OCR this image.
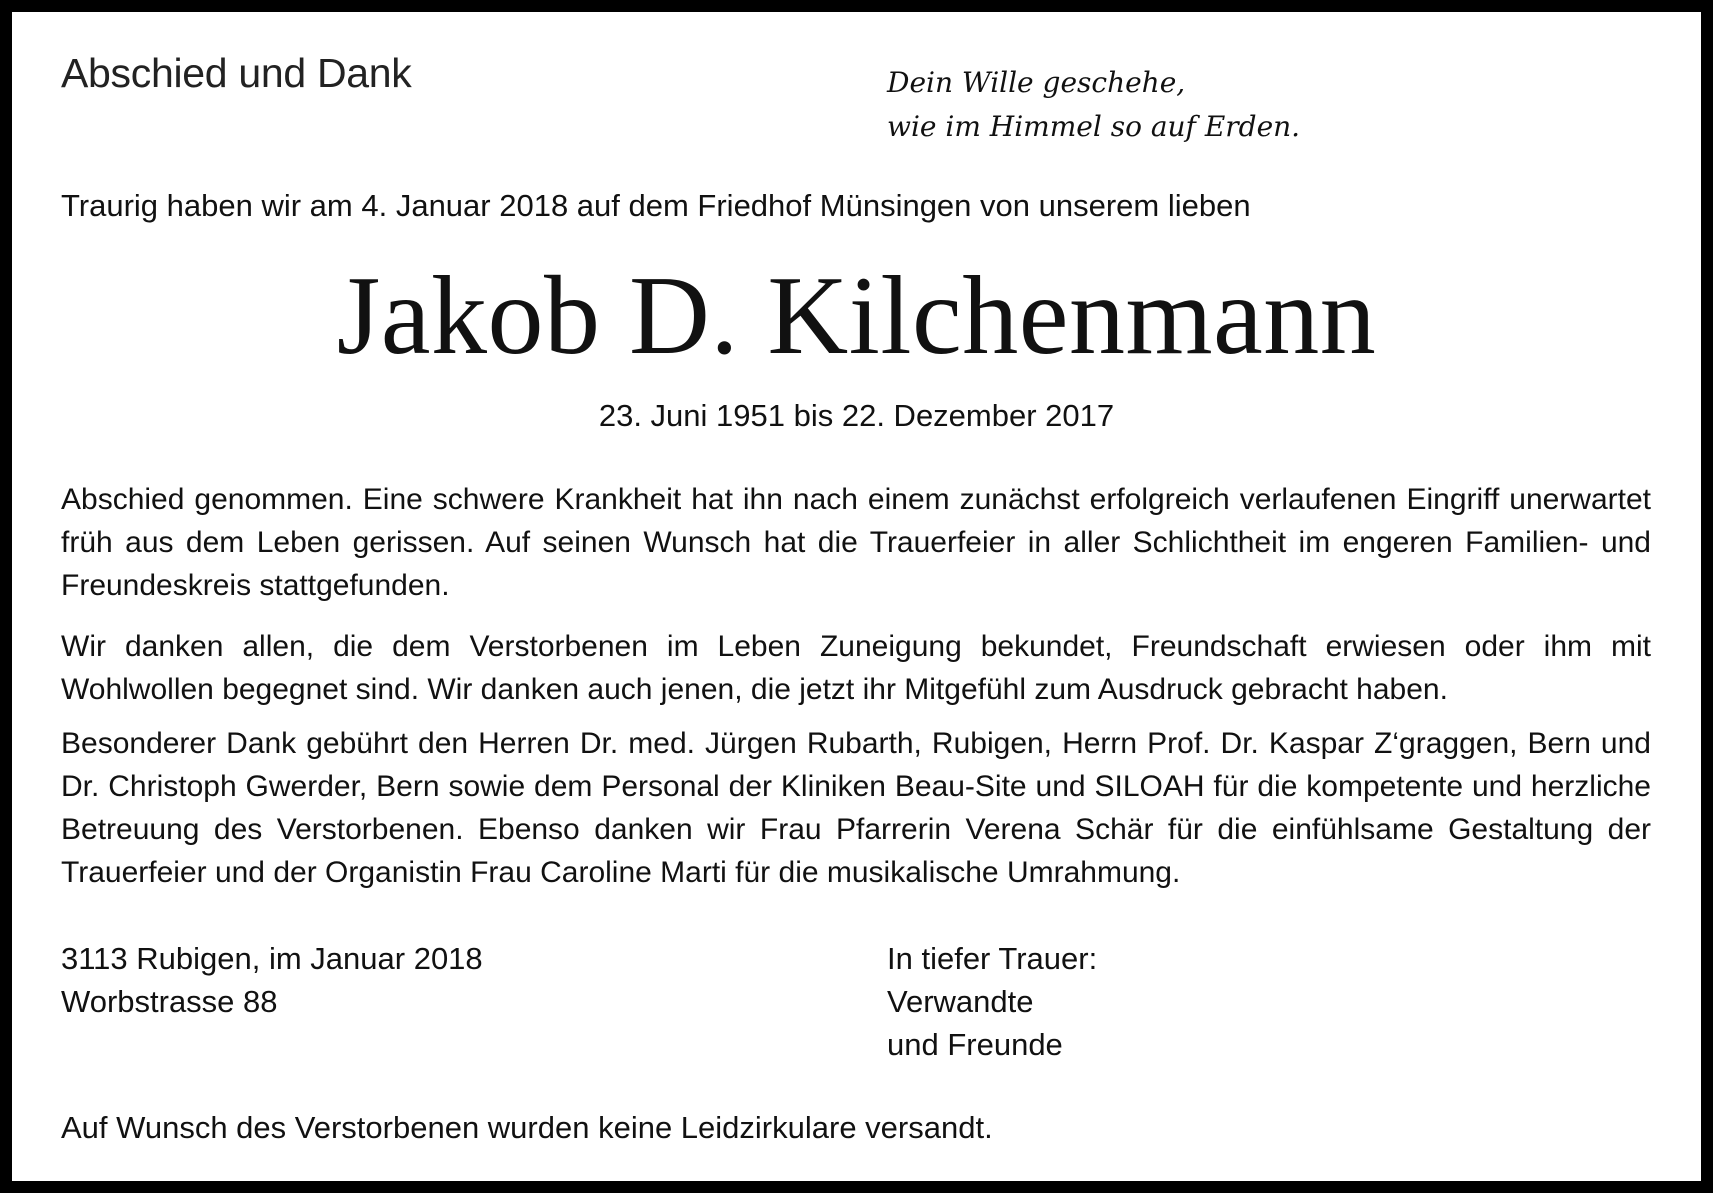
Abschied und Dank	Dein Wille geschehe,
wie im Himmel so auf Erden.
Traurig haben wir am 4. Januar 2018 auf dem Friedhof Münsingen von unserem lieben
Jakob D. Kilchenmann
23. Juni 1951 bis 22. Dezember 2017
Abschied genommen. Eine schwere Krankheit hat ihn nach einem zunächst erfolgreich verlaufenen Eingriff unerwartet früh aus dem Leben gerissen. Auf seinen Wunsch hat die Trauerfeier in aller Schlichtheit im engeren Familien- und Freundeskreis stattgefunden.
Wir danken allen, die dem Verstorbenen im Leben Zuneigung bekundet, Freundschaft erwiesen oder ihm mit Wohlwollen begegnet sind. Wir danken auch jenen, die jetzt ihr Mitgefühl zum Ausdruck gebracht haben.
Besonderer Dank gebührt den Herren Dr. med. Jürgen Rubarth, Rubigen, Herrn Prof. Dr. Kaspar Z‘graggen, Bern und Dr. Christoph Gwerder, Bern sowie dem Personal der Kliniken Beau-Site und SILOAH für die kompetente und herzliche Betreuung des Verstorbenen. Ebenso danken wir Frau Pfarrerin Verena Schär für die einfühlsame Gestaltung der Trauerfeier und der Organistin Frau Caroline Marti für die musikalische Umrahmung.
3113 Rubigen, im Januar 2018
Worbstrasse 88
In tiefer Trauer:
Verwandte
und Freunde
Auf Wunsch des Verstorbenen wurden keine Leidzirkulare versandt.
